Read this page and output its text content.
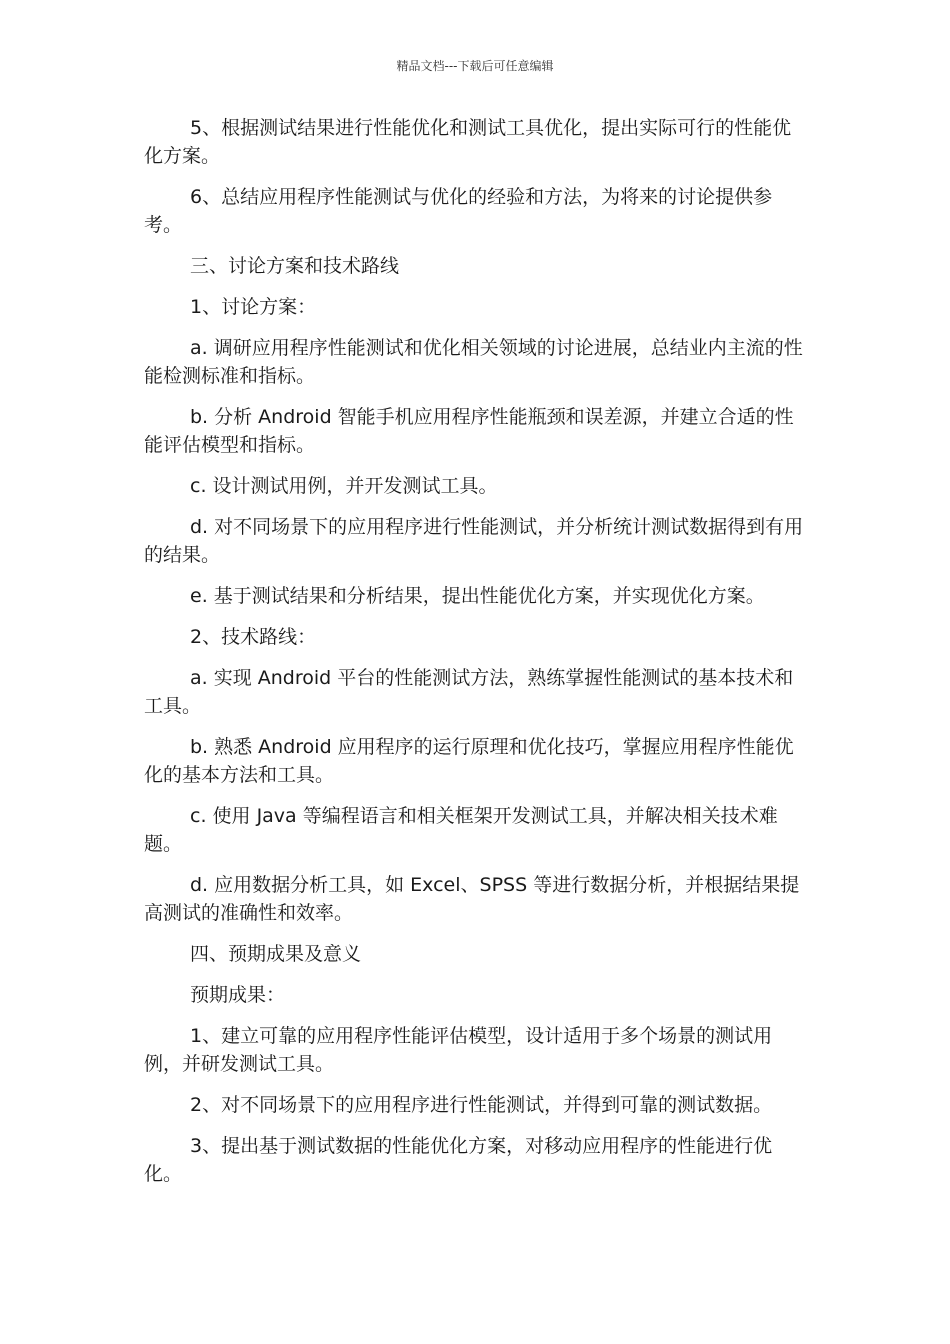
精品文档---下载后可任意编辑

5、根据测试结果进行性能优化和测试工具优化，提出实际可行的性能优化方案。

6、总结应用程序性能测试与优化的经验和方法，为将来的讨论提供参考。

三、讨论方案和技术路线

1、讨论方案：

a. 调研应用程序性能测试和优化相关领域的讨论进展，总结业内主流的性能检测标准和指标。

b. 分析 Android 智能手机应用程序性能瓶颈和误差源，并建立合适的性能评估模型和指标。

c. 设计测试用例，并开发测试工具。

d. 对不同场景下的应用程序进行性能测试，并分析统计测试数据得到有用的结果。

e. 基于测试结果和分析结果，提出性能优化方案，并实现优化方案。

2、技术路线：

a. 实现 Android 平台的性能测试方法，熟练掌握性能测试的基本技术和工具。

b. 熟悉 Android 应用程序的运行原理和优化技巧，掌握应用程序性能优化的基本方法和工具。

c. 使用 Java 等编程语言和相关框架开发测试工具，并解决相关技术难题。

d. 应用数据分析工具，如 Excel、SPSS 等进行数据分析，并根据结果提高测试的准确性和效率。

四、预期成果及意义

预期成果：

1、建立可靠的应用程序性能评估模型，设计适用于多个场景的测试用例，并研发测试工具。

2、对不同场景下的应用程序进行性能测试，并得到可靠的测试数据。

3、提出基于测试数据的性能优化方案，对移动应用程序的性能进行优化。
